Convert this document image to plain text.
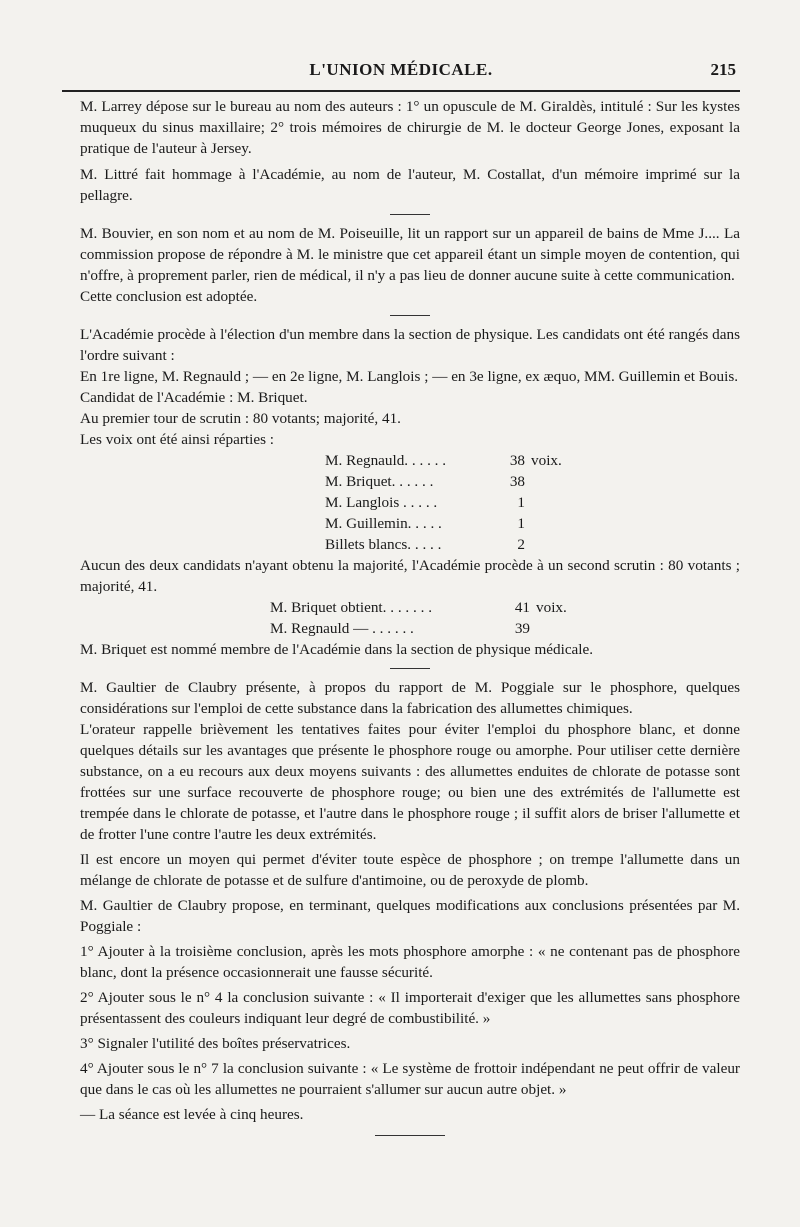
L'UNION MÉDICALE.	215

M. Larrey dépose sur le bureau au nom des auteurs : 1° un opuscule de M. Giraldès, intitulé : Sur les kystes muqueux du sinus maxillaire; 2° trois mémoires de chirurgie de M. le docteur George Jones, exposant la pratique de l'auteur à Jersey.

M. Littré fait hommage à l'Académie, au nom de l'auteur, M. Costallat, d'un mémoire imprimé sur la pellagre.

M. Bouvier, en son nom et au nom de M. Poiseuille, lit un rapport sur un appareil de bains de Mme J.... La commission propose de répondre à M. le ministre que cet appareil étant un simple moyen de contention, qui n'offre, à proprement parler, rien de médical, il n'y a pas lieu de donner aucune suite à cette communication.

Cette conclusion est adoptée.

L'Académie procède à l'élection d'un membre dans la section de physique. Les candidats ont été rangés dans l'ordre suivant :

En 1re ligne, M. Regnauld ; — en 2e ligne, M. Langlois ; — en 3e ligne, ex æquo, MM. Guillemin et Bouis.

Candidat de l'Académie : M. Briquet.

Au premier tour de scrutin : 80 votants; majorité, 41.

Les voix ont été ainsi réparties :

M. Regnauld. . . . . .	38 voix.
M. Briquet. . . . . .	38
M. Langlois . . . . .	1
M. Guillemin. . . . .	1
Billets blancs. . . . .	2

Aucun des deux candidats n'ayant obtenu la majorité, l'Académie procède à un second scrutin : 80 votants ; majorité, 41.

M. Briquet obtient. . . . . . .	41 voix.
M. Regnauld — . . . . . .	39

M. Briquet est nommé membre de l'Académie dans la section de physique médicale.

M. Gaultier de Claubry présente, à propos du rapport de M. Poggiale sur le phosphore, quelques considérations sur l'emploi de cette substance dans la fabrication des allumettes chimiques.

L'orateur rappelle brièvement les tentatives faites pour éviter l'emploi du phosphore blanc, et donne quelques détails sur les avantages que présente le phosphore rouge ou amorphe. Pour utiliser cette dernière substance, on a eu recours aux deux moyens suivants : des allumettes enduites de chlorate de potasse sont frottées sur une surface recouverte de phosphore rouge; ou bien une des extrémités de l'allumette est trempée dans le chlorate de potasse, et l'autre dans le phosphore rouge ; il suffit alors de briser l'allumette et de frotter l'une contre l'autre les deux extrémités.

Il est encore un moyen qui permet d'éviter toute espèce de phosphore ; on trempe l'allumette dans un mélange de chlorate de potasse et de sulfure d'antimoine, ou de peroxyde de plomb.

M. Gaultier de Claubry propose, en terminant, quelques modifications aux conclusions présentées par M. Poggiale :

1° Ajouter à la troisième conclusion, après les mots phosphore amorphe : « ne contenant pas de phosphore blanc, dont la présence occasionnerait une fausse sécurité.

2° Ajouter sous le n° 4 la conclusion suivante : « Il importerait d'exiger que les allumettes sans phosphore présentassent des couleurs indiquant leur degré de combustibilité. »

3° Signaler l'utilité des boîtes préservatrices.

4° Ajouter sous le n° 7 la conclusion suivante : « Le système de frottoir indépendant ne peut offrir de valeur que dans le cas où les allumettes ne pourraient s'allumer sur aucun autre objet. »

— La séance est levée à cinq heures.
